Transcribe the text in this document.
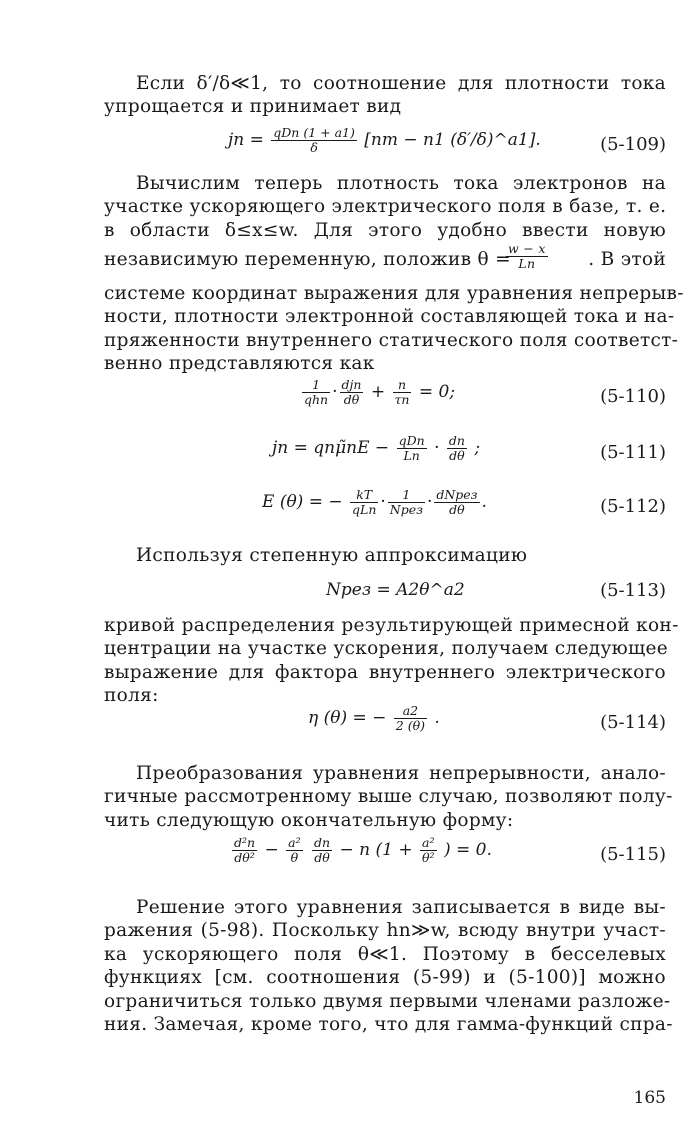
Если δ′/δ≪1, то соотношение для плотности тока
упрощается и принимает вид
jn = $\frac{\text{qDn (1 + a1)}}{\delta} [nт - n1$ (δ′/δ)^a1].	(5-109)
Вычислим теперь плотность тока электронов на
участке ускоряющего электрического поля в базе, т. е.
в области δ≤x≤w. Для этого удобно ввести новую
независимую переменную, положив θ =
$\frac{w - x}{Ln}$ . В этой
системе координат выражения для уравнения непрерыв-
ности, плотности электронной составляющей тока и на-
пряженности внутреннего статического поля соответст-
венно представляются как
$\frac{1}{\text{qhn}} \cdot \frac{\text{djn}}{d\theta} + \frac{n}{\tau n} = 0$;	(5-110)
jn = qnμ̃nE − $\frac{\text{qDn}}{Ln} \cdot \frac{dn}{d\theta}$ ;	(5-111)
E (θ) = − $\frac{kT}{\text{qLn}} \cdot \frac{1}{\text{Nрез}} \cdot \frac{\text{dNрез}}{d\theta}$ .	(5-112)
Используя степенную аппроксимацию
Nрез = A2θ^a2	(5-113)
кривой распределения результирующей примесной кон-
центрации на участке ускорения, получаем следующее
выражение для фактора внутреннего электрического
поля:
η (θ) = − $\frac{a2}{2 (\theta)}$ .	(5-114)
Преобразования уравнения непрерывности, анало-
гичные рассмотренному выше случаю, позволяют полу-
чить следующую окончательную форму:
$\frac{\text{d²n}}{\text{dθ²}} - \frac{\text{a²}}{\theta}$
$\frac{dn}{d\theta} - n$ ($1 + \frac{\text{a²}}{\text{θ²}}$ ) = 0.	(5-115)
Решение этого уравнения записывается в виде вы-
ражения (5-98). Поскольку hn≫w, всюду внутри участ-
ка ускоряющего поля θ≪1. Поэтому в бесселевых
функциях [см. соотношения (5-99) и (5-100)] можно
ограничиться только двумя первыми членами разложе-
ния. Замечая, кроме того, что для гамма-функций спра-
165
